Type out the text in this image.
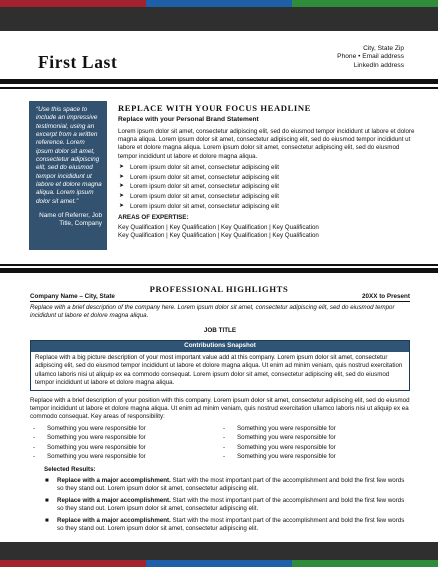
First Last
City, State Zip
Phone • Email address
LinkedIn address
“Use this space to include an impressive testimonial, using an excerpt from a written reference. Lorem ipsum dolor sit amet, consectetur adipiscing elit, sed do eiusmod tempor incididunt ut labore et dolore magna aliqua. Lorem ipsum dolor sit amet.”
Name of Referrer, Job Title, Company
REPLACE WITH YOUR FOCUS HEADLINE
Replace with your Personal Brand Statement
Lorem ipsum dolor sit amet, consectetur adipiscing elit, sed do eiusmod tempor incididunt ut labore et dolore magna aliqua. Lorem ipsum dolor sit amet, consectetur adipiscing elit, sed do eiusmod tempor incididunt ut labore et dolore magna aliqua. Lorem ipsum dolor sit amet, consectetur adipiscing elit, sed do eiusmod tempor incididunt ut labore et dolore magna aliqua.
➤ Lorem ipsum dolor sit amet, consectetur adipiscing elit
➤ Lorem ipsum dolor sit amet, consectetur adipiscing elit
➤ Lorem ipsum dolor sit amet, consectetur adipiscing elit
➤ Lorem ipsum dolor sit amet, consectetur adipiscing elit
➤ Lorem ipsum dolor sit amet, consectetur adipiscing elit
AREAS OF EXPERTISE:
Key Qualification | Key Qualification | Key Qualification | Key Qualification
Key Qualification | Key Qualification | Key Qualification | Key Qualification
PROFESSIONAL HIGHLIGHTS
Company Name – City, State	20XX to Present
Replace with a brief description of the company here. Lorem ipsum dolor sit amet, consectetur adipiscing elit, sed do eiusmod tempor incididunt ut labore et dolore magna aliqua.
JOB TITLE
Contributions Snapshot
Replace with a big picture description of your most important value add at this company. Lorem ipsum dolor sit amet, consectetur adipiscing elit, sed do eiusmod tempor incididunt ut labore et dolore magna aliqua. Ut enim ad minim veniam, quis nostrud exercitation ullamco laboris nisi ut aliquip ex ea commodo consequat. Lorem ipsum dolor sit amet, consectetur adipiscing elit, sed do eiusmod tempor incididunt ut labore et dolore magna aliqua.
Replace with a brief description of your position with this company. Lorem ipsum dolor sit amet, consectetur adipiscing elit, sed do eiusmod tempor incididunt ut labore et dolore magna aliqua. Ut enim ad minim veniam, quis nostrud exercitation ullamco laboris nisi ut aliquip ex ea commodo consequat. Key areas of responsibility:
- Something you were responsible for
- Something you were responsible for
- Something you were responsible for
- Something you were responsible for
- Something you were responsible for
- Something you were responsible for
- Something you were responsible for
- Something you were responsible for
Selected Results:
■ Replace with a major accomplishment. Start with the most important part of the accomplishment and bold the first few words so they stand out. Lorem ipsum dolor sit amet, consectetur adipiscing elit.
■ Replace with a major accomplishment. Start with the most important part of the accomplishment and bold the first few words so they stand out. Lorem ipsum dolor sit amet, consectetur adipiscing elit.
■ Replace with a major accomplishment. Start with the most important part of the accomplishment and bold the first few words so they stand out. Lorem ipsum dolor sit amet, consectetur adipiscing elit.
